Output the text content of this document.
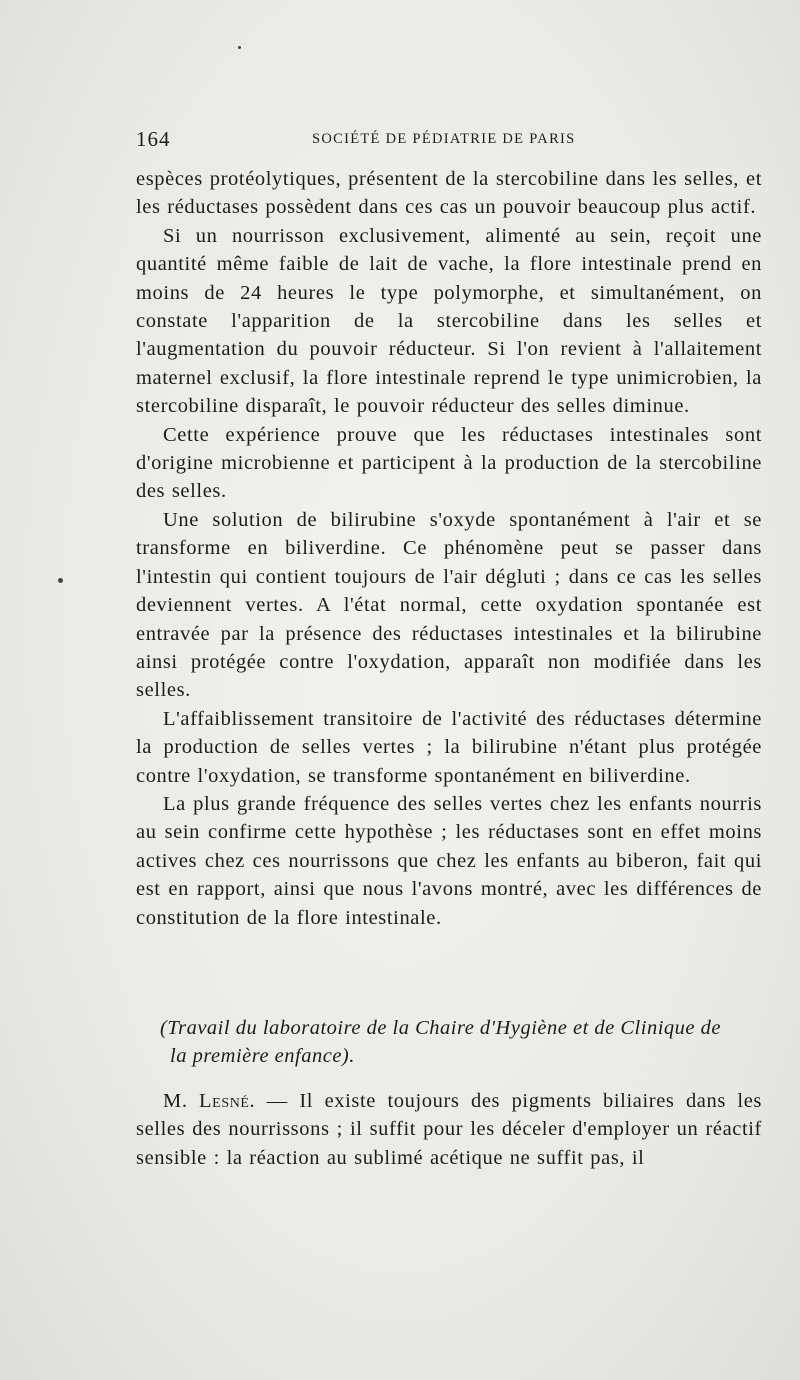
164	SOCIÉTÉ DE PÉDIATRIE DE PARIS

espèces protéolytiques, présentent de la stercobiline dans les selles, et les réductases possèdent dans ces cas un pouvoir beaucoup plus actif.

Si un nourrisson exclusivement, alimenté au sein, reçoit une quantité même faible de lait de vache, la flore intestinale prend en moins de 24 heures le type polymorphe, et simultanément, on constate l'apparition de la stercobiline dans les selles et l'augmentation du pouvoir réducteur. Si l'on revient à l'allaitement maternel exclusif, la flore intestinale reprend le type unimicrobien, la stercobiline disparaît, le pouvoir réducteur des selles diminue.

Cette expérience prouve que les réductases intestinales sont d'origine microbienne et participent à la production de la stercobiline des selles.

Une solution de bilirubine s'oxyde spontanément à l'air et se transforme en biliverdine. Ce phénomène peut se passer dans l'intestin qui contient toujours de l'air dégluti ; dans ce cas les selles deviennent vertes. A l'état normal, cette oxydation spontanée est entravée par la présence des réductases intestinales et la bilirubine ainsi protégée contre l'oxydation, apparaît non modifiée dans les selles.

L'affaiblissement transitoire de l'activité des réductases détermine la production de selles vertes ; la bilirubine n'étant plus protégée contre l'oxydation, se transforme spontanément en biliverdine.

La plus grande fréquence des selles vertes chez les enfants nourris au sein confirme cette hypothèse ; les réductases sont en effet moins actives chez ces nourrissons que chez les enfants au biberon, fait qui est en rapport, ainsi que nous l'avons montré, avec les différences de constitution de la flore intestinale.

(Travail du laboratoire de la Chaire d'Hygiène et de Clinique de
la première enfance).

M. Lesné. — Il existe toujours des pigments biliaires dans les selles des nourrissons ; il suffit pour les déceler d'employer un réactif sensible : la réaction au sublimé acétique ne suffit pas, il
